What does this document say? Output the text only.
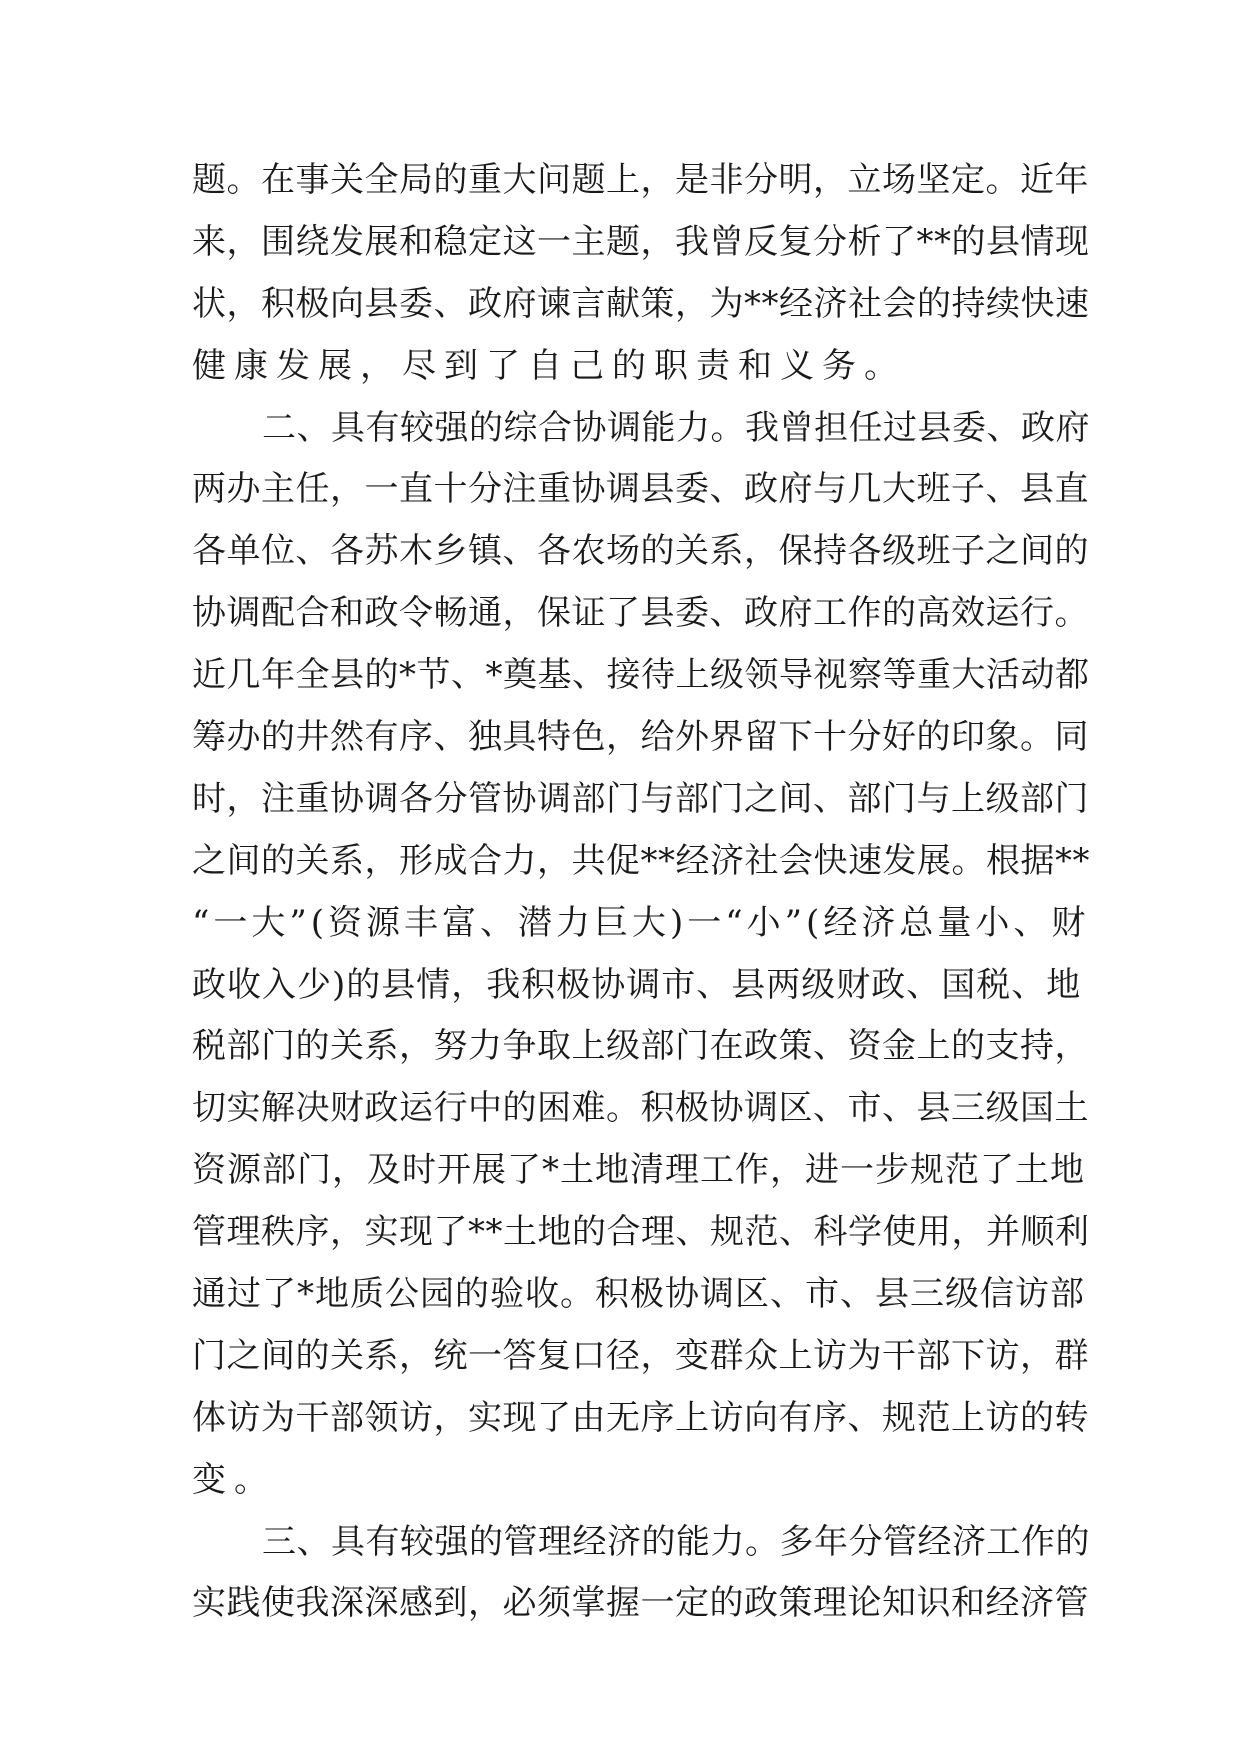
题。在事关全局的重大问题上，是非分明，立场坚定。近年
来，围绕发展和稳定这一主题，我曾反复分析了**的县情现
状，积极向县委、政府谏言献策，为**经济社会的持续快速
健康发展，尽到了自己的职责和义务。
二、具有较强的综合协调能力。我曾担任过县委、政府
两办主任，一直十分注重协调县委、政府与几大班子、县直
各单位、各苏木乡镇、各农场的关系，保持各级班子之间的
协调配合和政令畅通，保证了县委、政府工作的高效运行。
近几年全县的*节、*奠基、接待上级领导视察等重大活动都
筹办的井然有序、独具特色，给外界留下十分好的印象。同
时，注重协调各分管协调部门与部门之间、部门与上级部门
之间的关系，形成合力，共促**经济社会快速发展。根据**
“一大”(资源丰富、潜力巨大)一“小”(经济总量小、财
政收入少)的县情，我积极协调市、县两级财政、国税、地
税部门的关系，努力争取上级部门在政策、资金上的支持，
切实解决财政运行中的困难。积极协调区、市、县三级国土
资源部门，及时开展了*土地清理工作，进一步规范了土地
管理秩序，实现了**土地的合理、规范、科学使用，并顺利
通过了*地质公园的验收。积极协调区、市、县三级信访部
门之间的关系，统一答复口径，变群众上访为干部下访，群
体访为干部领访，实现了由无序上访向有序、规范上访的转
变。
三、具有较强的管理经济的能力。多年分管经济工作的
实践使我深深感到，必须掌握一定的政策理论知识和经济管
